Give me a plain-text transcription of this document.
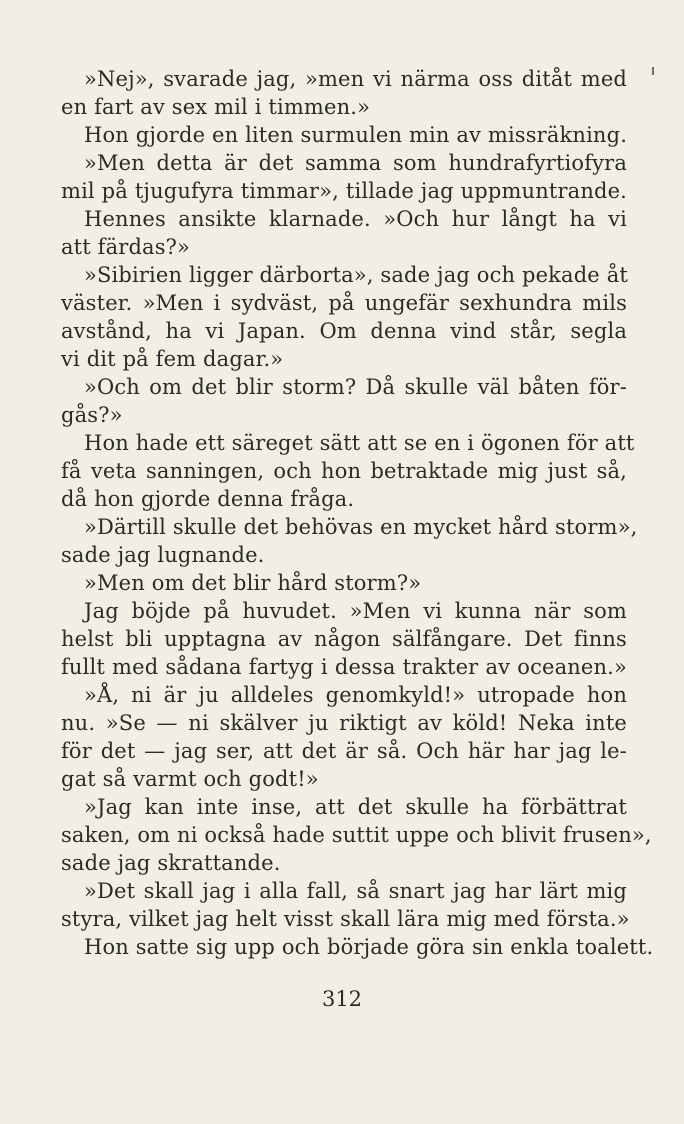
»Nej», svarade jag, »men vi närma oss ditåt med
en fart av sex mil i timmen.»
Hon gjorde en liten surmulen min av missräkning.
»Men detta är det samma som hundrafyrtiofyra
mil på tjugufyra timmar», tillade jag uppmuntrande.
Hennes ansikte klarnade. »Och hur långt ha vi
att färdas?»
»Sibirien ligger därborta», sade jag och pekade åt
väster. »Men i sydväst, på ungefär sexhundra mils
avstånd, ha vi Japan. Om denna vind står, segla
vi dit på fem dagar.»
»Och om det blir storm? Då skulle väl båten för-
gås?»
Hon hade ett säreget sätt att se en i ögonen för att
få veta sanningen, och hon betraktade mig just så,
då hon gjorde denna fråga.
»Därtill skulle det behövas en mycket hård storm»,
sade jag lugnande.
»Men om det blir hård storm?»
Jag böjde på huvudet. »Men vi kunna när som
helst bli upptagna av någon sälfångare. Det finns
fullt med sådana fartyg i dessa trakter av oceanen.»
»Å, ni är ju alldeles genomkyld!» utropade hon
nu. »Se — ni skälver ju riktigt av köld! Neka inte
för det — jag ser, att det är så. Och här har jag le-
gat så varmt och godt!»
»Jag kan inte inse, att det skulle ha förbättrat
saken, om ni också hade suttit uppe och blivit frusen»,
sade jag skrattande.
»Det skall jag i alla fall, så snart jag har lärt mig
styra, vilket jag helt visst skall lära mig med första.»
Hon satte sig upp och började göra sin enkla toalett.
312
